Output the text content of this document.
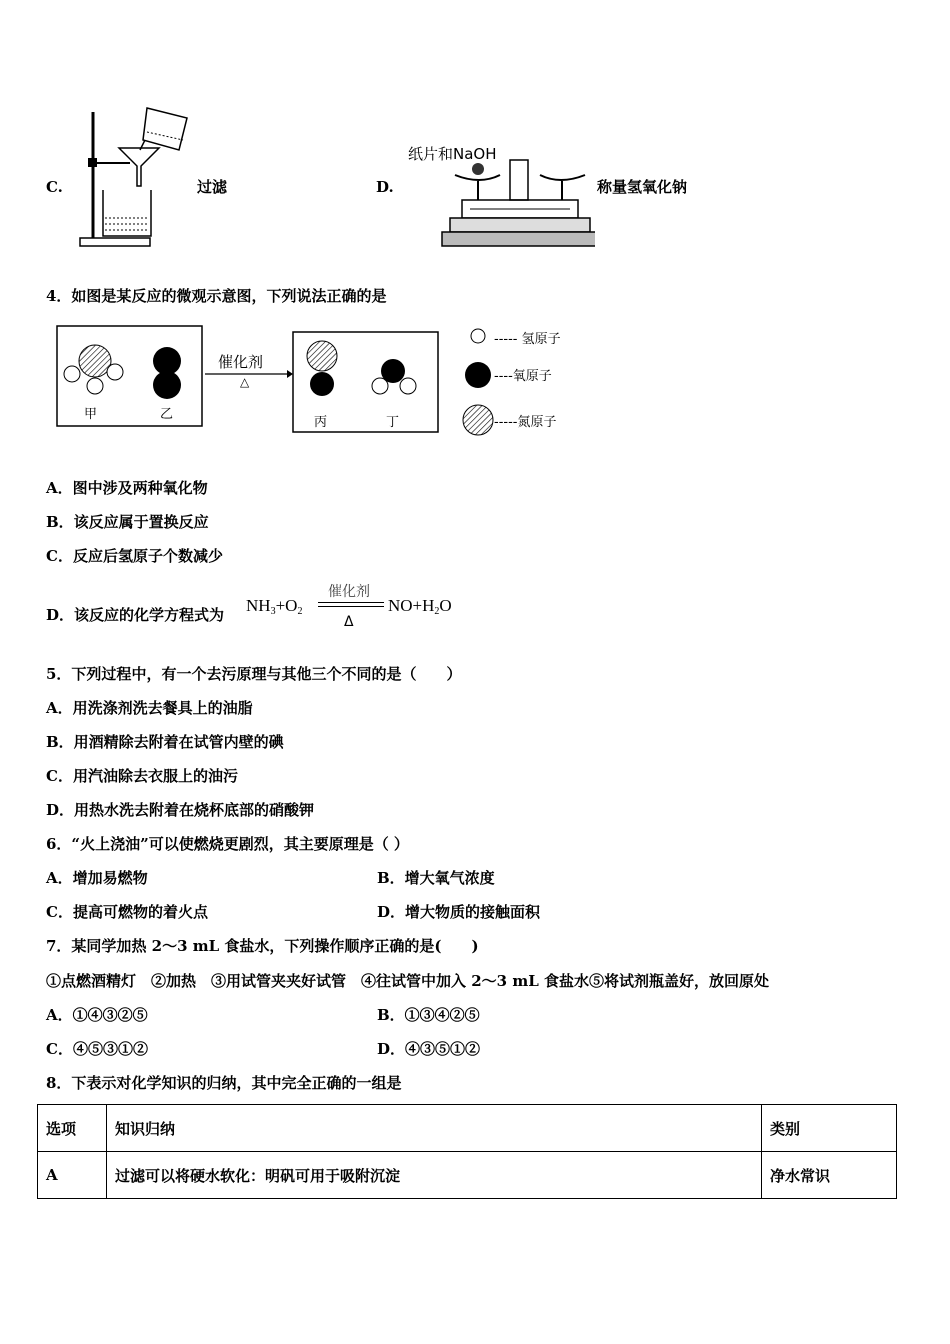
C.	过滤	D.
纸片和NaOH
称量氢氧化钠
4．如图是某反应的微观示意图，下列说法正确的是
甲	乙
丙	丁
催化剂
△
----- 氢原子
----氧原子
-----氮原子
A．图中涉及两种氧化物
B．该反应属于置换反应
C．反应后氢原子个数减少
D．该反应的化学方程式为 NH3+O2
催化剂
Δ
NO+H2O
5．下列过程中，有一个去污原理与其他三个不同的是（　　）
A．用洗涤剂洗去餐具上的油脂
B．用酒精除去附着在试管内壁的碘
C．用汽油除去衣服上的油污
D．用热水洗去附着在烧杯底部的硝酸钾
6．“火上浇油”可以使燃烧更剧烈，其主要原理是（ ）
A．增加易燃物	B．增大氧气浓度
C．提高可燃物的着火点	D．增大物质的接触面积
7．某同学加热 2～3 mL 食盐水，下列操作顺序正确的是(　　)
①点燃酒精灯　②加热　③用试管夹夹好试管　④往试管中加入 2～3 mL 食盐水⑤将试剂瓶盖好，放回原处
A．①④③②⑤	B．①③④②⑤
C．④⑤③①②	D．④③⑤①②
8．下表示对化学知识的归纳，其中完全正确的一组是
选项	知识归纳	类别
A	过滤可以将硬水软化：明矾可用于吸附沉淀	净水常识
